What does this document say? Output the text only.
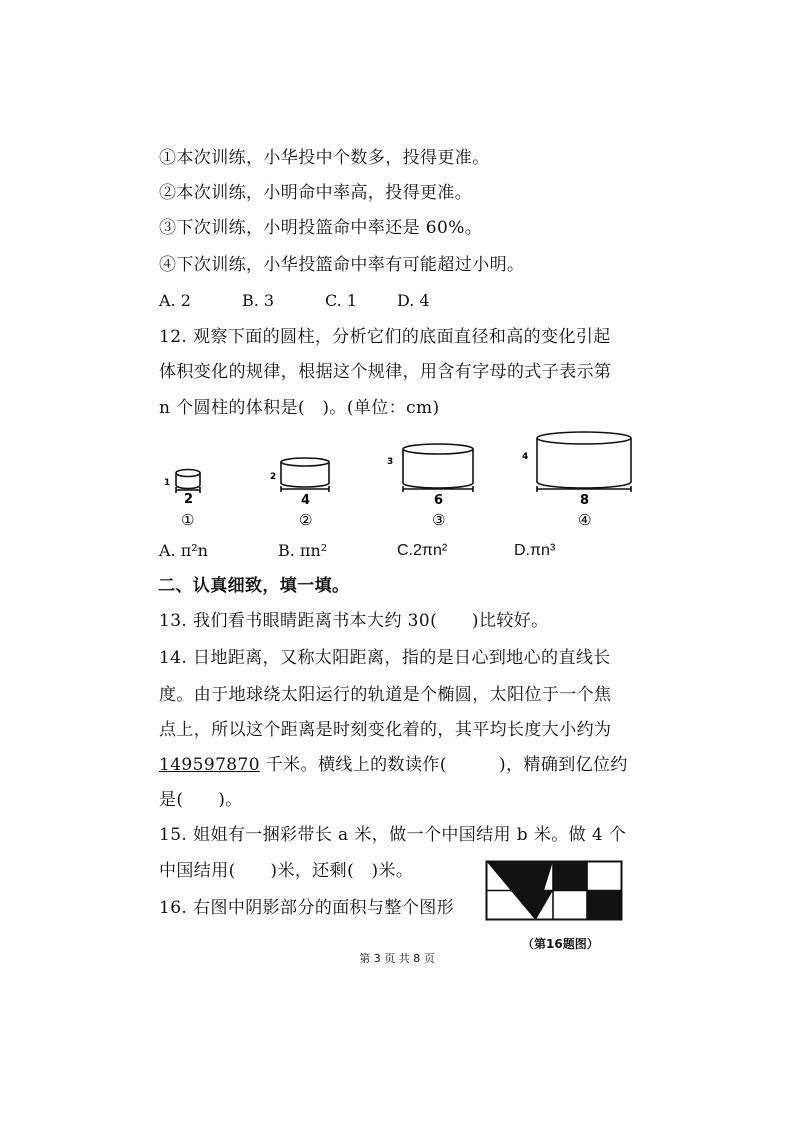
①本次训练，小华投中个数多，投得更准。
②本次训练，小明命中率高，投得更准。
③下次训练，小明投篮命中率还是 60%。
④下次训练，小华投篮命中率有可能超过小明。
A. 2	B. 3	C. 1 D. 4
12. 观察下面的圆柱，分析它们的底面直径和高的变化引起
体积变化的规律，根据这个规律，用含有字母的式子表示第
n 个圆柱的体积是(　)。(单位：cm)
1
2
①
2
4
②
3
6
③
4
8
④
A. π²n	B. πn²	C.2πn²	D.πn³
二、认真细致，填一填。
13. 我们看书眼睛距离书本大约 30(　　)比较好。
14. 日地距离，又称太阳距离，指的是日心到地心的直线长
度。由于地球绕太阳运行的轨道是个椭圆，太阳位于一个焦
点上，所以这个距离是时刻变化着的，其平均长度大小约为
149597870 千米。横线上的数读作(　　　)，精确到亿位约
是(　　)。
15. 姐姐有一捆彩带长 a 米，做一个中国结用 b 米。做 4 个
中国结用(　　)米，还剩(　)米。
16. 右图中阴影部分的面积与整个图形
（第16题图）
第 3 页 共 8 页
